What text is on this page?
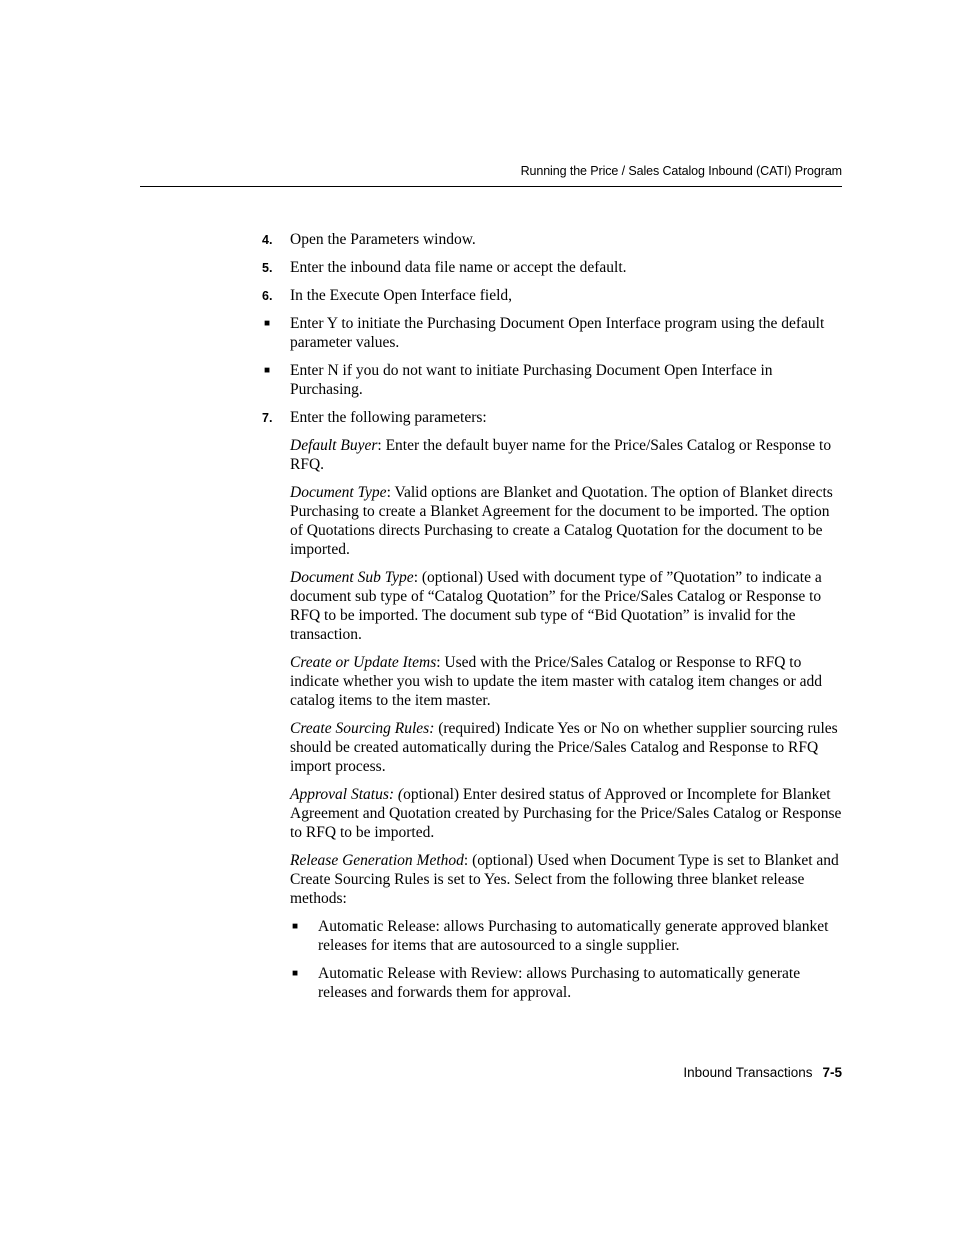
Running the Price / Sales Catalog Inbound (CATI) Program
4. Open the Parameters window.
5. Enter the inbound data file name or accept the default.
6. In the Execute Open Interface field,
■ Enter Y to initiate the Purchasing Document Open Interface program using the default parameter values.
■ Enter N if you do not want to initiate Purchasing Document Open Interface in Purchasing.
7. Enter the following parameters:
Default Buyer: Enter the default buyer name for the Price/Sales Catalog or Response to RFQ.
Document Type: Valid options are Blanket and Quotation. The option of Blanket directs Purchasing to create a Blanket Agreement for the document to be imported. The option of Quotations directs Purchasing to create a Catalog Quotation for the document to be imported.
Document Sub Type: (optional) Used with document type of ”Quotation” to indicate a document sub type of “Catalog Quotation” for the Price/Sales Catalog or Response to RFQ to be imported. The document sub type of “Bid Quotation” is invalid for the transaction.
Create or Update Items: Used with the Price/Sales Catalog or Response to RFQ to indicate whether you wish to update the item master with catalog item changes or add catalog items to the item master.
Create Sourcing Rules: (required) Indicate Yes or No on whether supplier sourcing rules should be created automatically during the Price/Sales Catalog and Response to RFQ import process.
Approval Status: (optional) Enter desired status of Approved or Incomplete for Blanket Agreement and Quotation created by Purchasing for the Price/Sales Catalog or Response to RFQ to be imported.
Release Generation Method: (optional) Used when Document Type is set to Blanket and Create Sourcing Rules is set to Yes. Select from the following three blanket release methods:
■ Automatic Release: allows Purchasing to automatically generate approved blanket releases for items that are autosourced to a single supplier.
■ Automatic Release with Review: allows Purchasing to automatically generate releases and forwards them for approval.
Inbound Transactions 7-5
